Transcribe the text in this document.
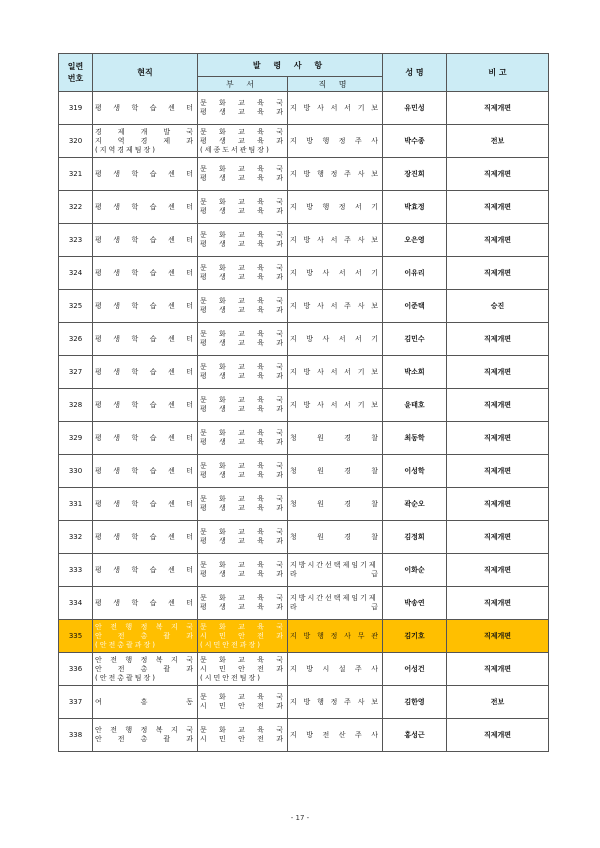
일련
번호	현직	발 령 사 항		성 명	비 고
		부 서	직 명		
319	평 생 학 습 센 터	문 화 교 육 국
평 생 교 육 과	지 방 사 서 서 기 보	유민성	직제개편
320	경 제 개 발 국
지 역 경 제 과
(지역경제팀장)	문 화 교 육 국
평 생 교 육 과
(세종도서관팀장)	지 방 행 정 주 사	박수종	전보
321	평 생 학 습 센 터	문 화 교 육 국
평 생 교 육 과	지 방 행 정 주 사 보	장진희	직제개편
322	평 생 학 습 센 터	문 화 교 육 국
평 생 교 육 과	지 방 행 정 서 기	박효정	직제개편
323	평 생 학 습 센 터	문 화 교 육 국
평 생 교 육 과	지 방 사 서 주 사 보	오은영	직제개편
324	평 생 학 습 센 터	문 화 교 육 국
평 생 교 육 과	지 방 사 서 서 기	이유리	직제개편
325	평 생 학 습 센 터	문 화 교 육 국
평 생 교 육 과	지 방 사 서 주 사 보	이준택	승진
326	평 생 학 습 센 터	문 화 교 육 국
평 생 교 육 과	지 방 사 서 서 기	김민수	직제개편
327	평 생 학 습 센 터	문 화 교 육 국
평 생 교 육 과	지 방 사 서 서 기 보	박소희	직제개편
328	평 생 학 습 센 터	문 화 교 육 국
평 생 교 육 과	지 방 사 서 서 기 보	윤태호	직제개편
329	평 생 학 습 센 터	문 화 교 육 국
평 생 교 육 과	청 원 경 찰	최동학	직제개편
330	평 생 학 습 센 터	문 화 교 육 국
평 생 교 육 과	청 원 경 찰	이성학	직제개편
331	평 생 학 습 센 터	문 화 교 육 국
평 생 교 육 과	청 원 경 찰	곽순오	직제개편
332	평 생 학 습 센 터	문 화 교 육 국
평 생 교 육 과	청 원 경 찰	김정희	직제개편
333	평 생 학 습 센 터	문 화 교 육 국
평 생 교 육 과	지방시간선택제임기제
라 급	이화순	직제개편
334	평 생 학 습 센 터	문 화 교 육 국
평 생 교 육 과	지방시간선택제임기제
라 급	박송연	직제개편
335	안 전 행 정 복 지 국
안 전 총 괄 과
(안전총괄과장)	문 화 교 육 국
시 민 안 전 과
(시민안전과장)	지 방 행 정 사 무 관	김기호	직제개편
336	안 전 행 정 복 지 국
안 전 총 괄 과
(안전총괄팀장)	문 화 교 육 국
시 민 안 전 과
(시민안전팀장)	지 방 시 설 주 사	어성건	직제개편
337	여 흥 동	문 화 교 육 국
시 민 안 전 과	지 방 행 정 주 사 보	김한영	전보
338	안 전 행 정 복 지 국
안 전 총 괄 과	문 화 교 육 국
시 민 안 전 과	지 방 전 산 주 사	홍성근	직제개편
- 17 -
